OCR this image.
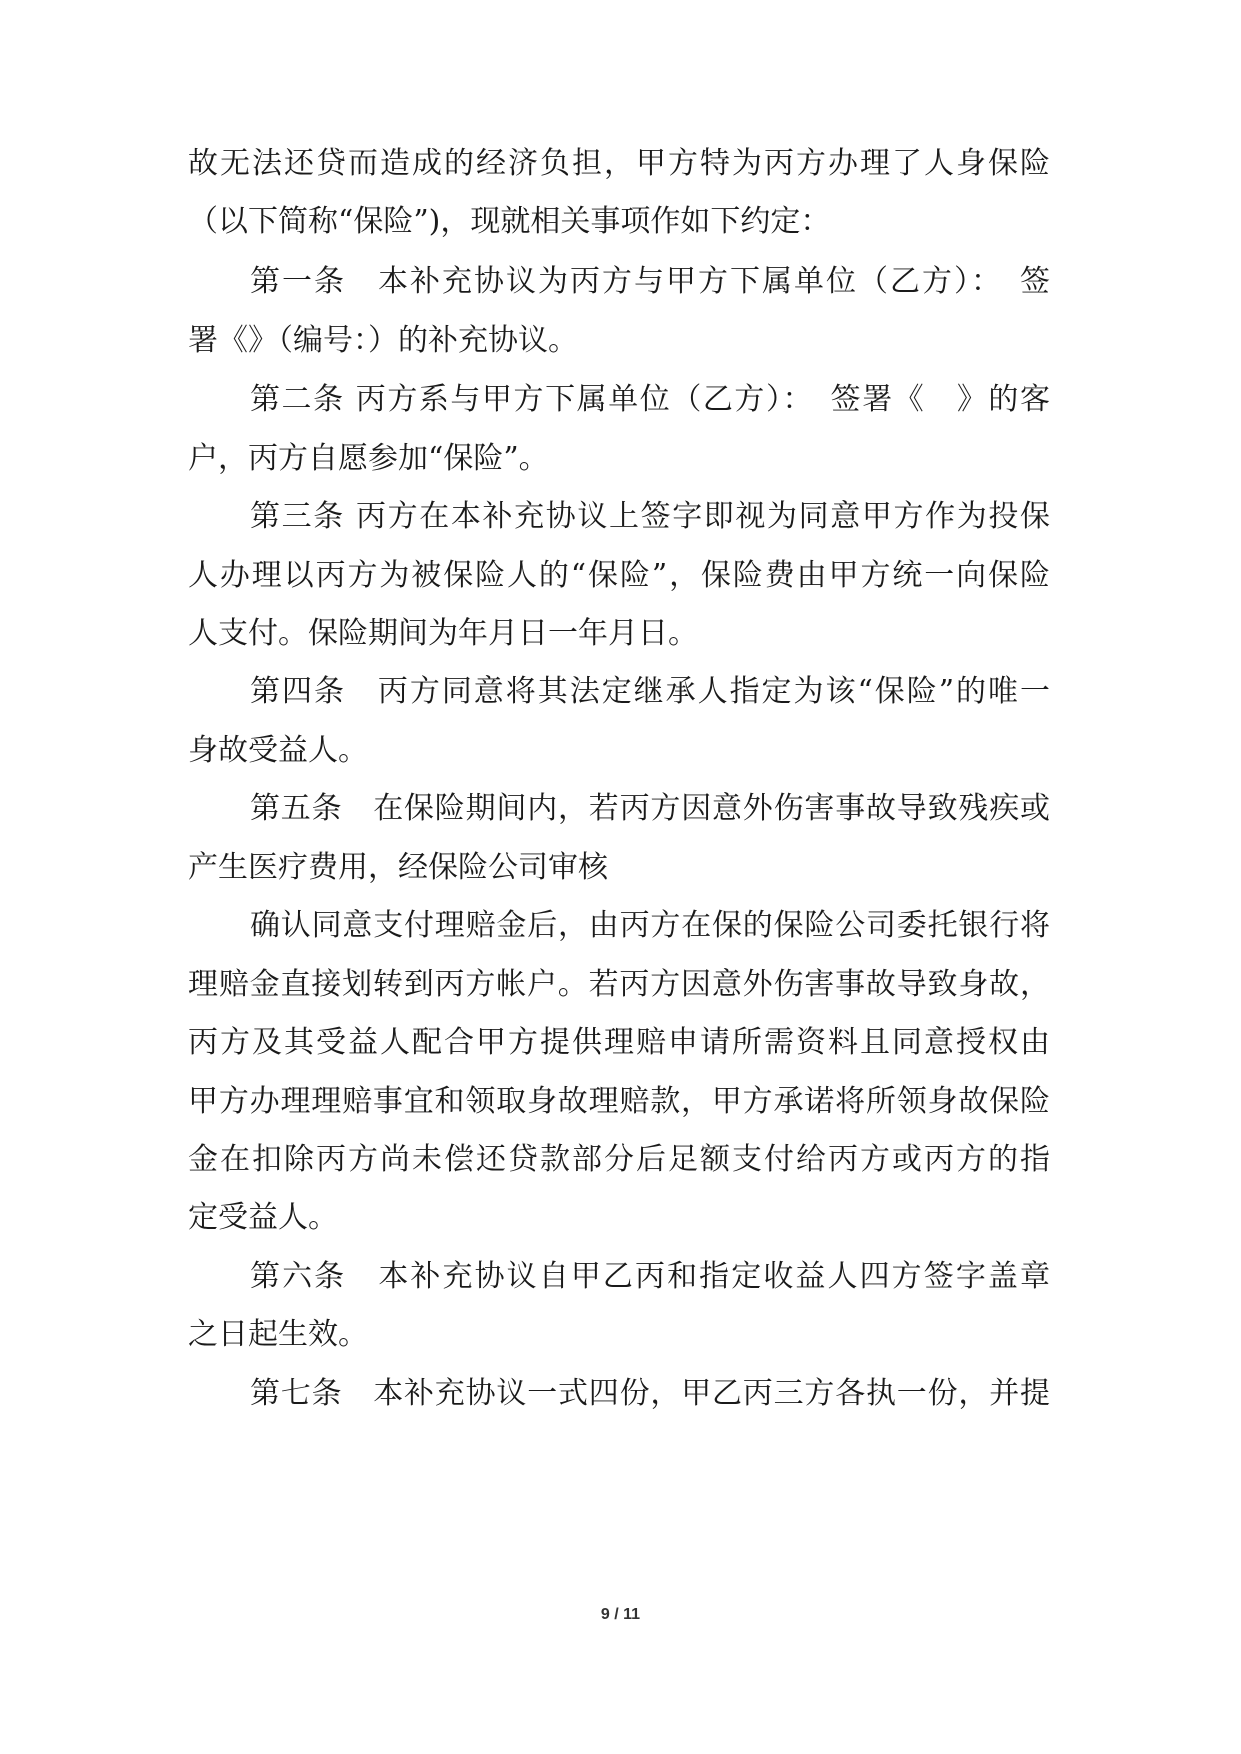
故无法还贷而造成的经济负担，甲方特为丙方办理了人身保险
（以下简称“保险”)，现就相关事项作如下约定：
第一条　本补充协议为丙方与甲方下属单位（乙方）：　签
署《》（编号：）的补充协议。
第二条 丙方系与甲方下属单位（乙方）：　签署《　》的客
户，丙方自愿参加“保险”。
第三条 丙方在本补充协议上签字即视为同意甲方作为投保
人办理以丙方为被保险人的“保险”，保险费由甲方统一向保险
人支付。保险期间为年月日一年月日。
第四条　丙方同意将其法定继承人指定为该“保险”的唯一
身故受益人。
第五条　在保险期间内，若丙方因意外伤害事故导致残疾或
产生医疗费用，经保险公司审核
确认同意支付理赔金后，由丙方在保的保险公司委托银行将
理赔金直接划转到丙方帐户。若丙方因意外伤害事故导致身故，
丙方及其受益人配合甲方提供理赔申请所需资料且同意授权由
甲方办理理赔事宜和领取身故理赔款，甲方承诺将所领身故保险
金在扣除丙方尚未偿还贷款部分后足额支付给丙方或丙方的指
定受益人。
第六条　本补充协议自甲乙丙和指定收益人四方签字盖章
之日起生效。
第七条　本补充协议一式四份，甲乙丙三方各执一份，并提
9 / 11
